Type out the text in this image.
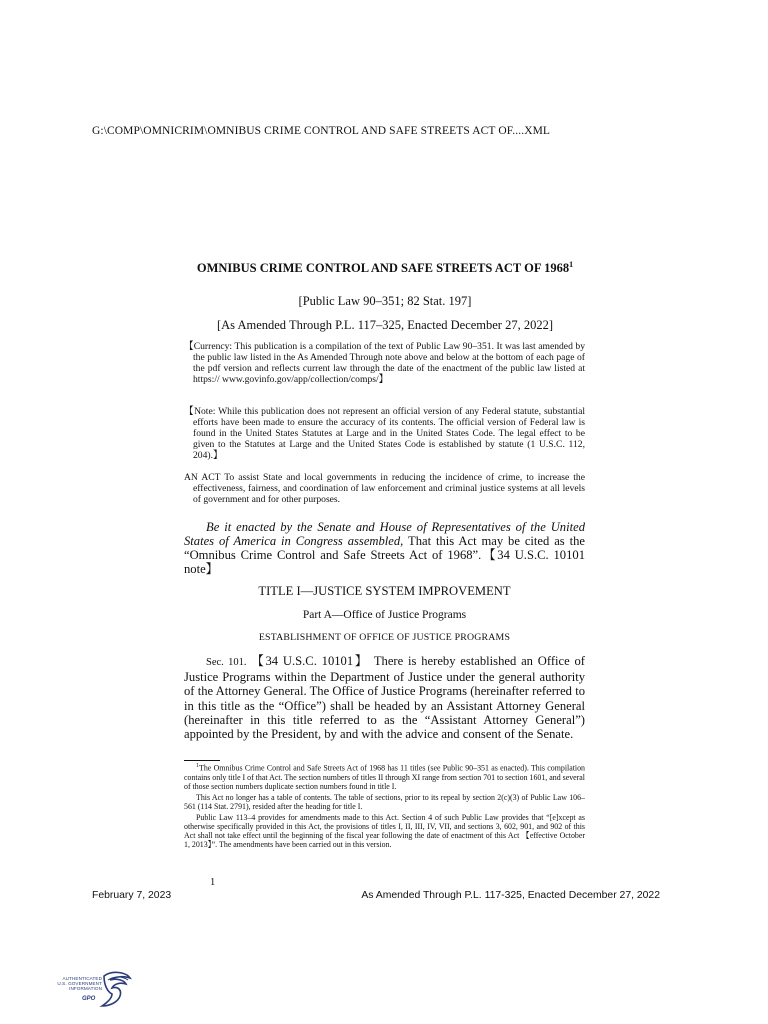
G:\COMP\OMNICRIM\OMNIBUS CRIME CONTROL AND SAFE STREETS ACT OF....XML
OMNIBUS CRIME CONTROL AND SAFE STREETS ACT OF 1968$^1$
[Public Law 90–351; 82 Stat. 197]
[As Amended Through P.L. 117–325, Enacted December 27, 2022]
【Currency: This publication is a compilation of the text of Public Law 90–351. It was last amended by the public law listed in the As Amended Through note above and below at the bottom of each page of the pdf version and reflects current law through the date of the enactment of the public law listed at https:// www.govinfo.gov/app/collection/comps/】
【Note: While this publication does not represent an official version of any Federal statute, substantial efforts have been made to ensure the accuracy of its contents. The official version of Federal law is found in the United States Statutes at Large and in the United States Code. The legal effect to be given to the Statutes at Large and the United States Code is established by statute (1 U.S.C. 112, 204).】
AN ACT To assist State and local governments in reducing the incidence of crime, to increase the effectiveness, fairness, and coordination of law enforcement and criminal justice systems at all levels of government and for other purposes.
Be it enacted by the Senate and House of Representatives of the United States of America in Congress assembled, That this Act may be cited as the “Omnibus Crime Control and Safe Streets Act of 1968”.【34 U.S.C. 10101 note】
TITLE I—JUSTICE SYSTEM IMPROVEMENT
Part A—Office of Justice Programs
ESTABLISHMENT OF OFFICE OF JUSTICE PROGRAMS
Sec. 101. 【34 U.S.C. 10101】 There is hereby established an Office of Justice Programs within the Department of Justice under the general authority of the Attorney General. The Office of Justice Programs (hereinafter referred to in this title as the “Office”) shall be headed by an Assistant Attorney General (hereinafter in this title referred to as the “Assistant Attorney General”) appointed by the President, by and with the advice and consent of the Senate.

$^1$The Omnibus Crime Control and Safe Streets Act of 1968 has 11 titles (see Public 90–351 as enacted). This compilation contains only title I of that Act. The section numbers of titles II through XI range from section 701 to section 1601, and several of those section numbers duplicate section numbers found in title I.

This Act no longer has a table of contents. The table of sections, prior to its repeal by section 2(c)(3) of Public Law 106–561 (114 Stat. 2791), resided after the heading for title I.

Public Law 113–4 provides for amendments made to this Act. Section 4 of such Public Law provides that “[e]xcept as otherwise specifically provided in this Act, the provisions of titles I, II, III, IV, VII, and sections 3, 602, 901, and 902 of this Act shall not take effect until the beginning of the fiscal year following the date of enactment of this Act 【effective October 1, 2013】”. The amendments have been carried out in this version.

1
February 7, 2023	As Amended Through P.L. 117-325, Enacted December 27, 2022
AUTHENTICATED
U.S. GOVERNMENT
INFORMATION
GPO
